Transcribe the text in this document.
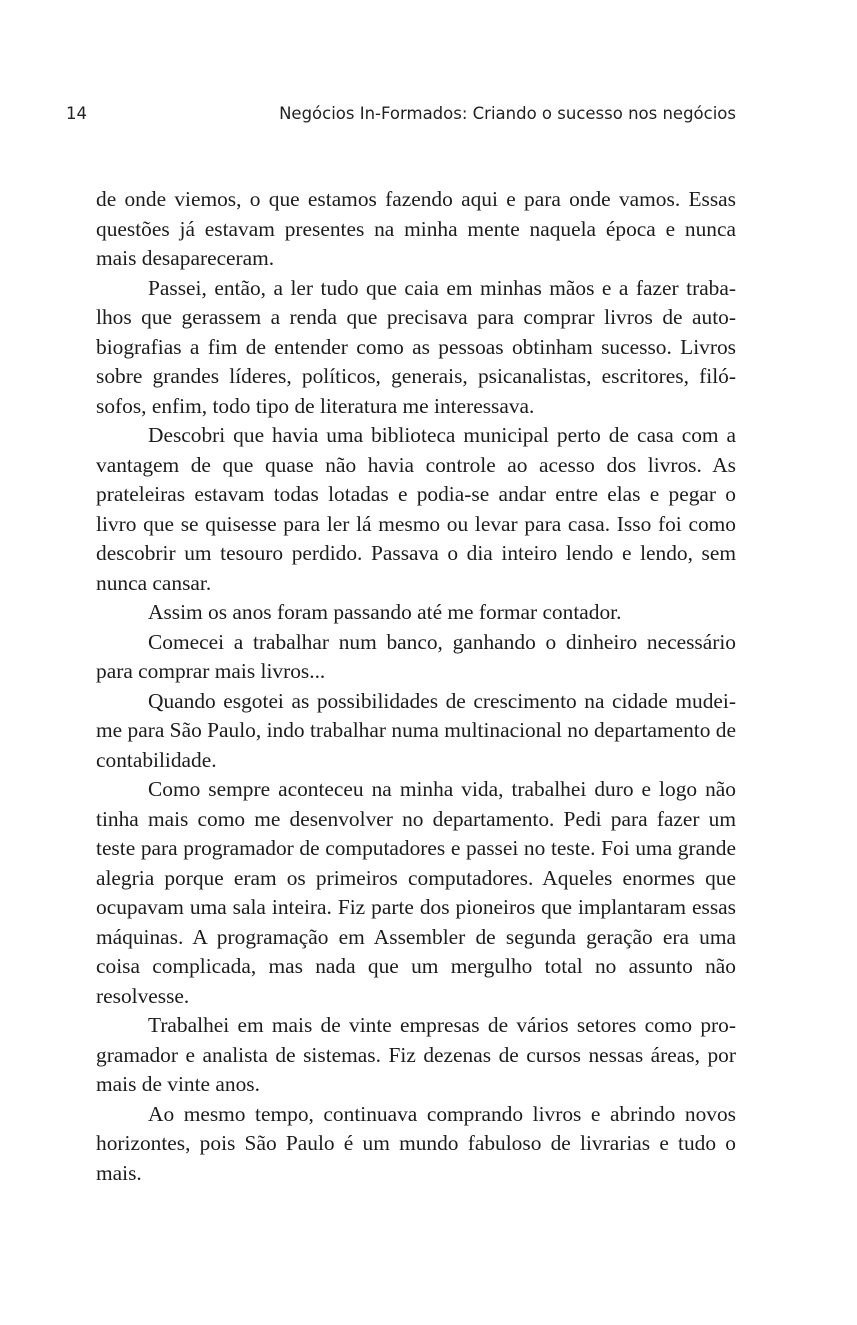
14	Negócios In-Formados: Criando o sucesso nos negócios

de onde viemos, o que estamos fazendo aqui e para onde vamos. Essas questões já estavam presentes na minha mente naquela época e nunca mais desapareceram.

Passei, então, a ler tudo que caia em minhas mãos e a fazer trabalhos que gerassem a renda que precisava para comprar livros de autobiografias a fim de entender como as pessoas obtinham sucesso. Livros sobre grandes líderes, políticos, generais, psicanalistas, escritores, filósofos, enfim, todo tipo de literatura me interessava.

Descobri que havia uma biblioteca municipal perto de casa com a vantagem de que quase não havia controle ao acesso dos livros. As prateleiras estavam todas lotadas e podia-se andar entre elas e pegar o livro que se quisesse para ler lá mesmo ou levar para casa. Isso foi como descobrir um tesouro perdido. Passava o dia inteiro lendo e lendo, sem nunca cansar.

Assim os anos foram passando até me formar contador.

Comecei a trabalhar num banco, ganhando o dinheiro necessário para comprar mais livros...

Quando esgotei as possibilidades de crescimento na cidade mudei-me para São Paulo, indo trabalhar numa multinacional no departamento de contabilidade.

Como sempre aconteceu na minha vida, trabalhei duro e logo não tinha mais como me desenvolver no departamento. Pedi para fazer um teste para programador de computadores e passei no teste. Foi uma grande alegria porque eram os primeiros computadores. Aqueles enormes que ocupavam uma sala inteira. Fiz parte dos pioneiros que implantaram essas máquinas. A programação em Assembler de segunda geração era uma coisa complicada, mas nada que um mergulho total no assunto não resolvesse.

Trabalhei em mais de vinte empresas de vários setores como programador e analista de sistemas. Fiz dezenas de cursos nessas áreas, por mais de vinte anos.

Ao mesmo tempo, continuava comprando livros e abrindo novos horizontes, pois São Paulo é um mundo fabuloso de livrarias e tudo o mais.
